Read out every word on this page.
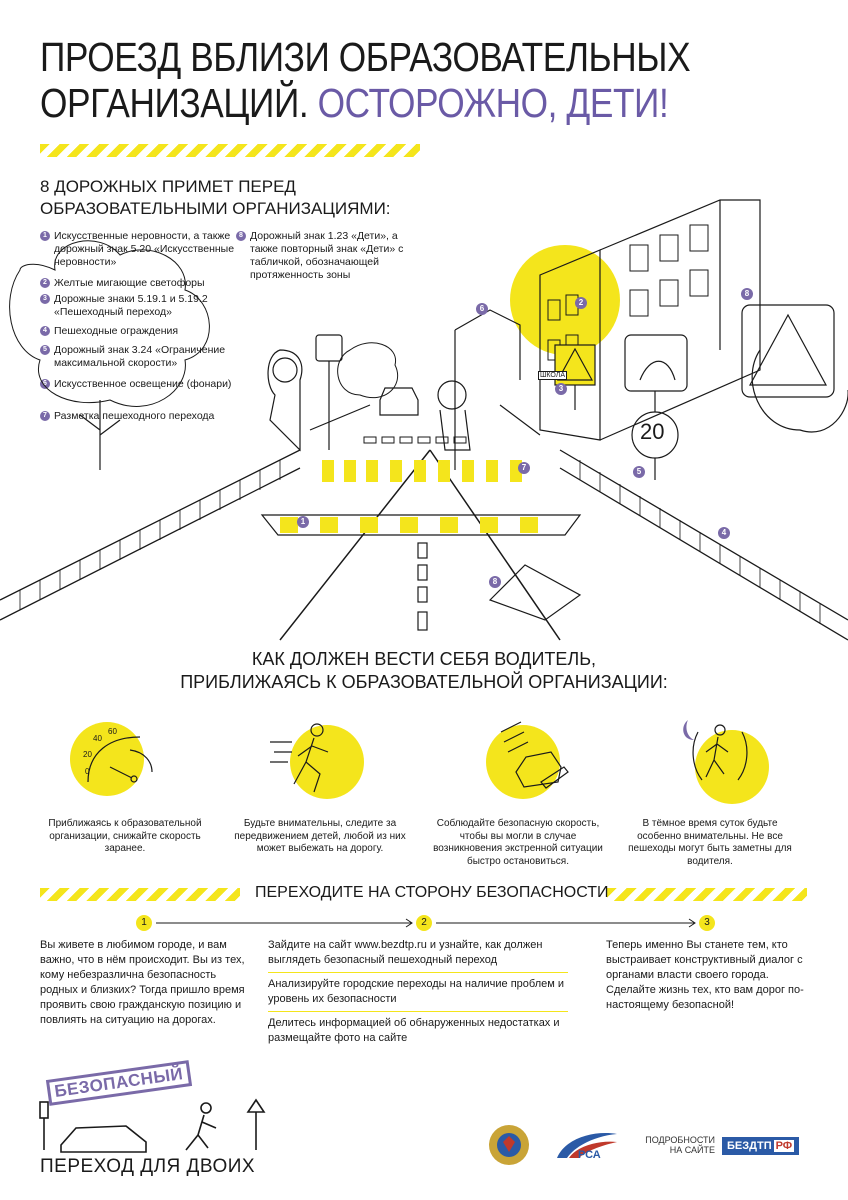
ПРОЕЗД ВБЛИЗИ ОБРАЗОВАТЕЛЬНЫХ
ОРГАНИЗАЦИЙ. ОСТОРОЖНО, ДЕТИ!
8 ДОРОЖНЫХ ПРИМЕТ ПЕРЕД
ОБРАЗОВАТЕЛЬНЫМИ ОРГАНИЗАЦИЯМИ:
1 Искусственные неровности, а также дорожный знак 5.20 «Искусственные неровности»
2 Желтые мигающие светофоры
3 Дорожные знаки 5.19.1 и 5.19.2 «Пешеходный переход»
4 Пешеходные ограждения
5 Дорожный знак 3.24 «Ограничение максимальной скорости»
6 Искусственное освещение (фонари)
7 Разметка пешеходного перехода
8 Дорожный знак 1.23 «Дети», а также повторный знак «Дети» с табличкой, обозначающей протяженность зоны
1
2
3
4
5
6
7
8
8
20
ШКОЛА
КАК ДОЛЖЕН ВЕСТИ СЕБЯ ВОДИТЕЛЬ,
ПРИБЛИЖАЯСЬ К ОБРАЗОВАТЕЛЬНОЙ ОРГАНИЗАЦИИ:
0
20
40
60
Приближаясь к образовательной организации, снижайте скорость заранее.
Будьте внимательны, следите за передвижением детей, любой из них может выбежать на дорогу.
Соблюдайте безопасную скорость, чтобы вы могли в случае возникновения экстренной ситуации быстро остановиться.
В тёмное время суток будьте особенно внимательны. Не все пешеходы могут быть заметны для водителя.
ПЕРЕХОДИТЕ НА СТОРОНУ БЕЗОПАСНОСТИ
1	2	3
Вы живете в любимом городе, и вам важно, что в нём происходит. Вы из тех, кому небезразлична безопасность родных и близких? Тогда пришло время проявить свою гражданскую позицию и повлиять на ситуацию на дорогах.
Зайдите на сайт www.bezdtp.ru и узнайте, как должен выглядеть безопасный пешеходный переход
Анализируйте городские переходы на наличие проблем и уровень их безопасности
Делитесь информацией об обнаруженных недостатках и размещайте фото на сайте
Теперь именно Вы станете тем, кто выстраивает конструктивный диалог с органами власти своего города. Сделайте жизнь тех, кто вам дорог по-настоящему безопасной!
БЕЗОПАСНЫЙ
ПЕРЕХОД ДЛЯ ДВОИХ
РСА
ПОДРОБНОСТИ
НА САЙТЕ	БЕЗДТП РФ
